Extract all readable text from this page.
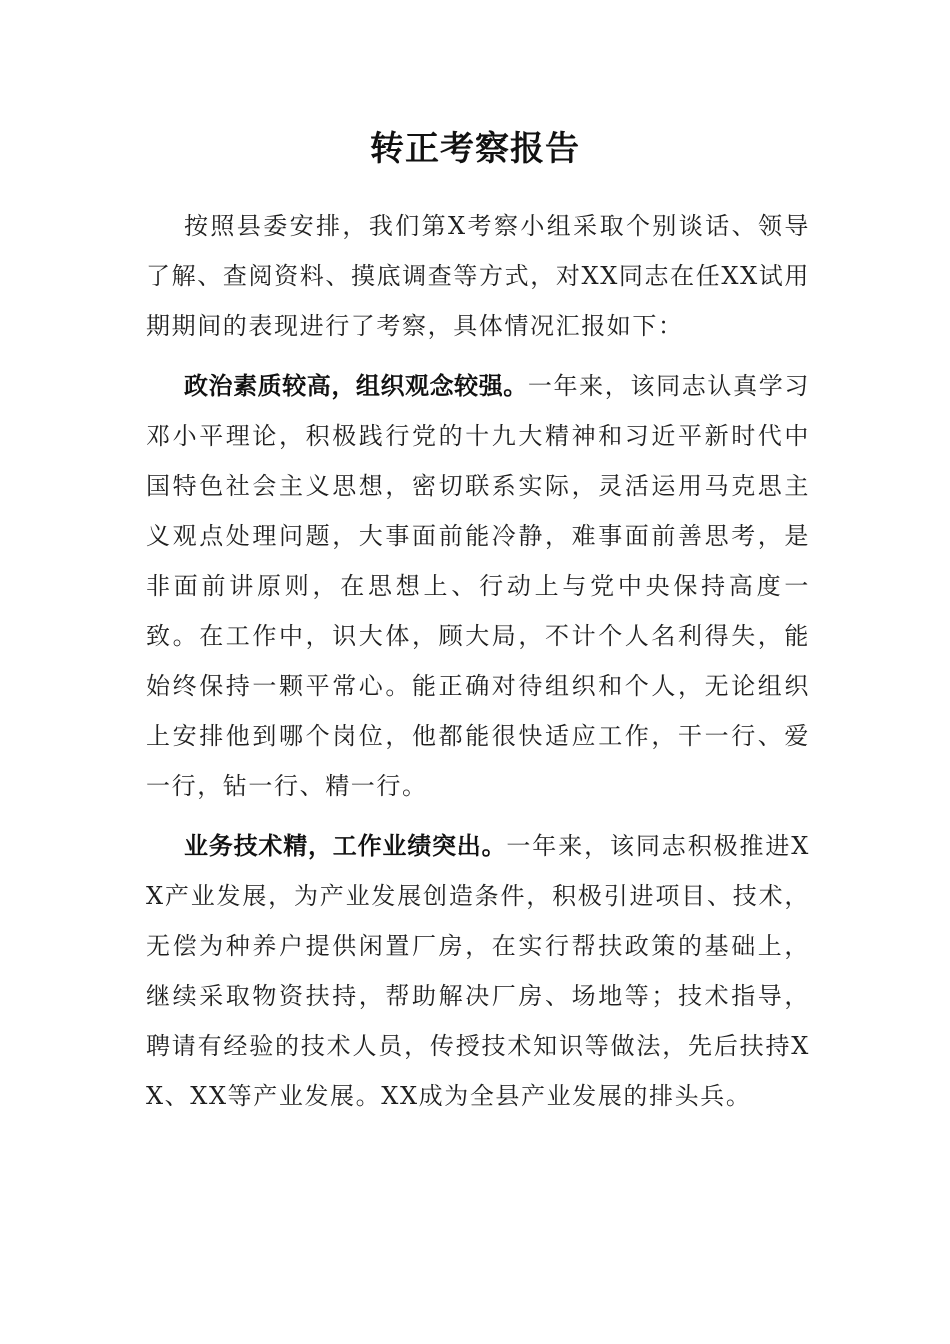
转正考察报告

按照县委安排，我们第X考察小组采取个别谈话、领导了解、查阅资料、摸底调查等方式，对XX同志在任XX试用期期间的表现进行了考察，具体情况汇报如下：

政治素质较高，组织观念较强。一年来，该同志认真学习邓小平理论，积极践行党的十九大精神和习近平新时代中国特色社会主义思想，密切联系实际，灵活运用马克思主义观点处理问题，大事面前能冷静，难事面前善思考，是非面前讲原则，在思想上、行动上与党中央保持高度一致。在工作中，识大体，顾大局，不计个人名利得失，能始终保持一颗平常心。能正确对待组织和个人，无论组织上安排他到哪个岗位，他都能很快适应工作，干一行、爱一行，钻一行、精一行。

业务技术精，工作业绩突出。一年来，该同志积极推进XX产业发展，为产业发展创造条件，积极引进项目、技术，无偿为种养户提供闲置厂房，在实行帮扶政策的基础上，继续采取物资扶持，帮助解决厂房、场地等；技术指导，聘请有经验的技术人员，传授技术知识等做法，先后扶持XX、XX等产业发展。XX成为全县产业发展的排头兵。
